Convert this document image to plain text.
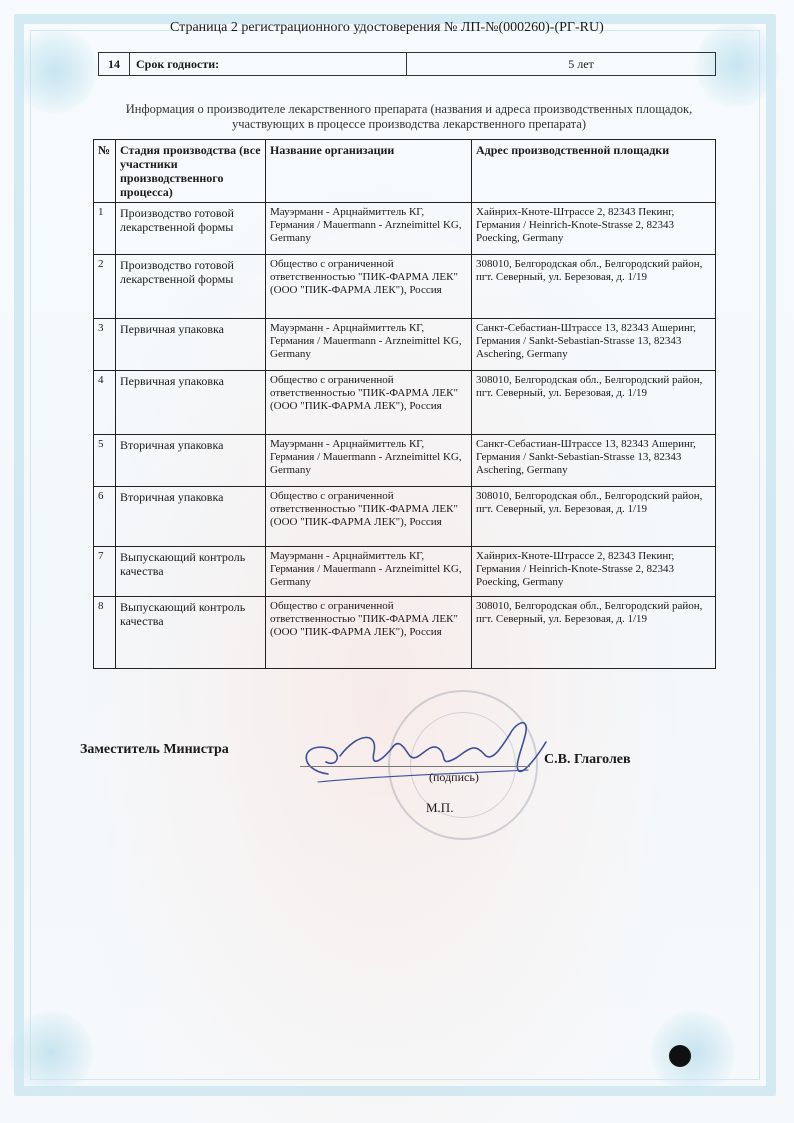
Страница 2 регистрационного удостоверения № ЛП-№(000260)-(РГ-RU)
14	Срок годности:	5 лет
Информация о производителе лекарственного препарата (названия и адреса производственных площадок, участвующих в процессе производства лекарственного препарата)
№	Стадия производства (все участники производственного процесса)	Название организации	Адрес производственной площадки
1	Производство готовой лекарственной формы	Мауэрманн - Арцнаймиттель КГ, Германия / Mauermann - Arzneimittel KG, Germany	Хайнрих-Кноте-Штрассе 2, 82343 Пекинг, Германия / Heinrich-Knote-Strasse 2, 82343 Poecking, Germany
2	Производство готовой лекарственной формы	Общество с ограниченной ответственностью "ПИК-ФАРМА ЛЕК" (ООО "ПИК-ФАРМА ЛЕК"), Россия	308010, Белгородская обл., Белгородский район, пгт. Северный, ул. Березовая, д. 1/19
3	Первичная упаковка	Мауэрманн - Арцнаймиттель КГ, Германия / Mauermann - Arzneimittel KG, Germany	Санкт-Себастиан-Штрассе 13, 82343 Ашеринг, Германия / Sankt-Sebastian-Strasse 13, 82343 Aschering, Germany
4	Первичная упаковка	Общество с ограниченной ответственностью "ПИК-ФАРМА ЛЕК" (ООО "ПИК-ФАРМА ЛЕК"), Россия	308010, Белгородская обл., Белгородский район, пгт. Северный, ул. Березовая, д. 1/19
5	Вторичная упаковка	Мауэрманн - Арцнаймиттель КГ, Германия / Mauermann - Arzneimittel KG, Germany	Санкт-Себастиан-Штрассе 13, 82343 Ашеринг, Германия / Sankt-Sebastian-Strasse 13, 82343 Aschering, Germany
6	Вторичная упаковка	Общество с ограниченной ответственностью "ПИК-ФАРМА ЛЕК" (ООО "ПИК-ФАРМА ЛЕК"), Россия	308010, Белгородская обл., Белгородский район, пгт. Северный, ул. Березовая, д. 1/19
7	Выпускающий контроль качества	Мауэрманн - Арцнаймиттель КГ, Германия / Mauermann - Arzneimittel KG, Germany	Хайнрих-Кноте-Штрассе 2, 82343 Пекинг, Германия / Heinrich-Knote-Strasse 2, 82343 Poecking, Germany
8	Выпускающий контроль качества	Общество с ограниченной ответственностью "ПИК-ФАРМА ЛЕК" (ООО "ПИК-ФАРМА ЛЕК"), Россия	308010, Белгородская обл., Белгородский район, пгт. Северный, ул. Березовая, д. 1/19
Заместитель Министра
С.В. Глаголев
(подпись)
М.П.
